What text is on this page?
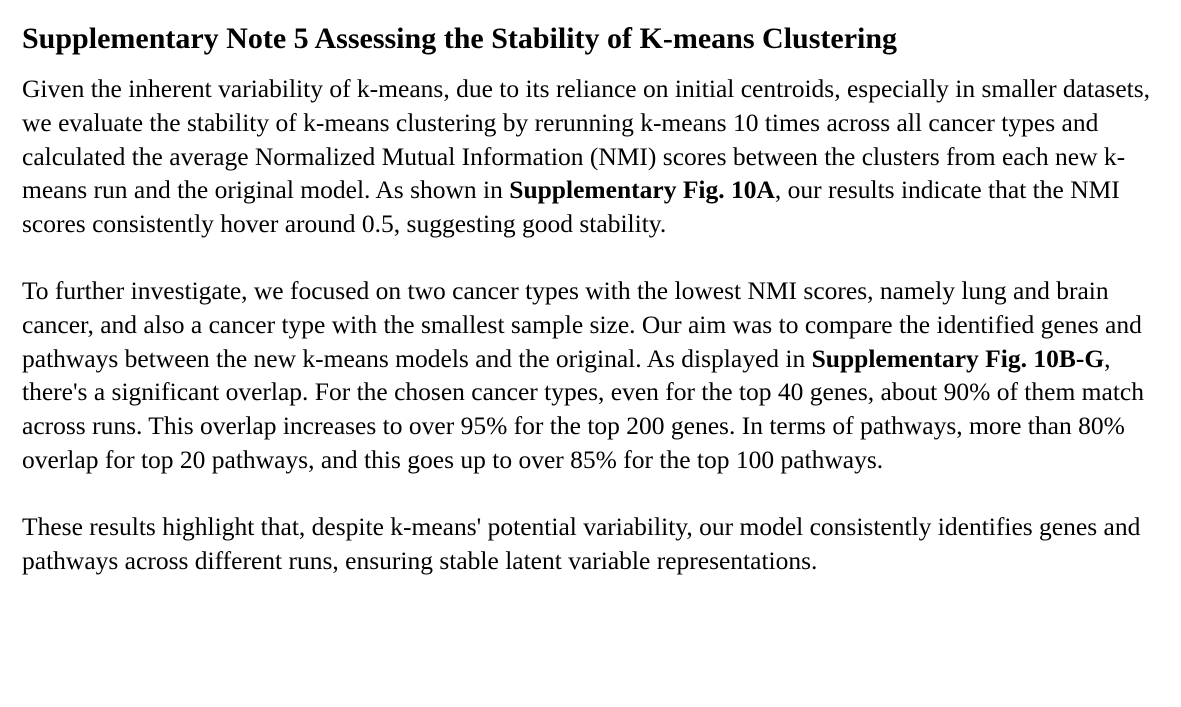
Supplementary Note 5 Assessing the Stability of K-means Clustering

Given the inherent variability of k-means, due to its reliance on initial centroids, especially in smaller datasets, we evaluate the stability of k-means clustering by rerunning k-means 10 times across all cancer types and calculated the average Normalized Mutual Information (NMI) scores between the clusters from each new k-means run and the original model. As shown in Supplementary Fig. 10A, our results indicate that the NMI scores consistently hover around 0.5, suggesting good stability.

To further investigate, we focused on two cancer types with the lowest NMI scores, namely lung and brain cancer, and also a cancer type with the smallest sample size. Our aim was to compare the identified genes and pathways between the new k-means models and the original. As displayed in Supplementary Fig. 10B-G, there's a significant overlap. For the chosen cancer types, even for the top 40 genes, about 90% of them match across runs. This overlap increases to over 95% for the top 200 genes. In terms of pathways, more than 80% overlap for top 20 pathways, and this goes up to over 85% for the top 100 pathways.

These results highlight that, despite k-means' potential variability, our model consistently identifies genes and pathways across different runs, ensuring stable latent variable representations.
